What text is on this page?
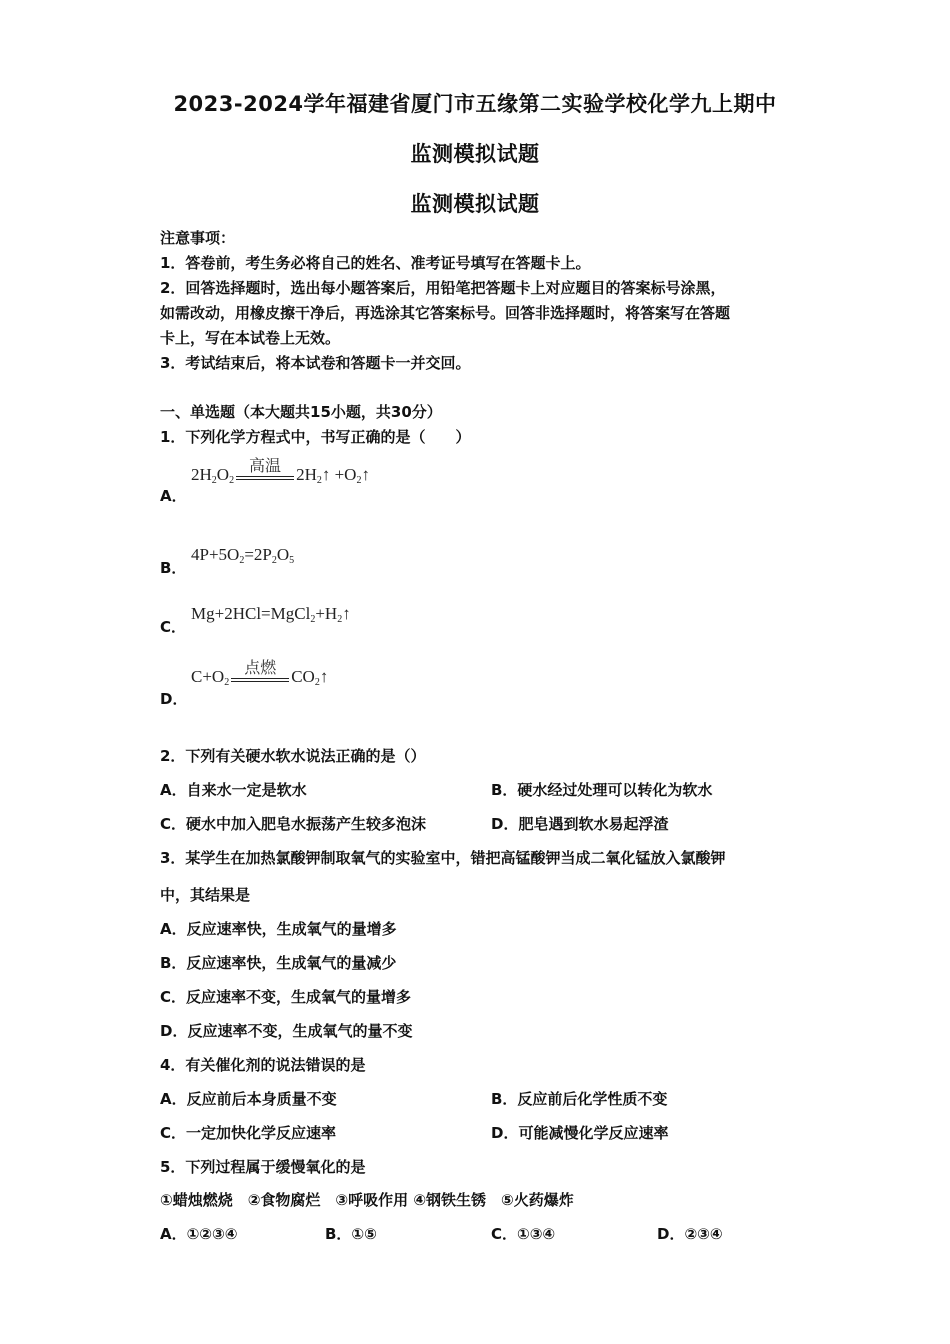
2023-2024学年福建省厦门市五缘第二实验学校化学九上期中
监测模拟试题
监测模拟试题
注意事项：
1．答卷前，考生务必将自己的姓名、准考证号填写在答题卡上。
2．回答选择题时，选出每小题答案后，用铅笔把答题卡上对应题目的答案标号涂黑，
如需改动，用橡皮擦干净后，再选涂其它答案标号。回答非选择题时，将答案写在答题
卡上，写在本试卷上无效。
3．考试结束后，将本试卷和答题卡一并交回。
一、单选题（本大题共15小题，共30分）
1．下列化学方程式中，书写正确的是（　　）
A．
$2H_2O_2$
高温 $2H_2↑$ $+O_2↑$
B．
$4P+5O_2=2P_2O_5$
C．
$Mg+2HCl=MgCl_2+H_2↑$
D．
$C+O_2$
点燃 $CO_2↑$
2．下列有关硬水软水说法正确的是（）
A．自来水一定是软水	B．硬水经过处理可以转化为软水
C．硬水中加入肥皂水振荡产生较多泡沫	D．肥皂遇到软水易起浮渣
3．某学生在加热氯酸钾制取氧气的实验室中，错把高锰酸钾当成二氧化锰放入氯酸钾
中，其结果是
A．反应速率快，生成氧气的量增多
B．反应速率快，生成氧气的量减少
C．反应速率不变，生成氧气的量增多
D．反应速率不变，生成氧气的量不变
4．有关催化剂的说法错误的是
A．反应前后本身质量不变	B．反应前后化学性质不变
C．一定加快化学反应速率	D．可能减慢化学反应速率
5．下列过程属于缓慢氧化的是
①蜡烛燃烧　②食物腐烂　③呼吸作用 ④钢铁生锈　⑤火药爆炸
A．①②③④	B．①⑤	C．①③④	D．②③④
